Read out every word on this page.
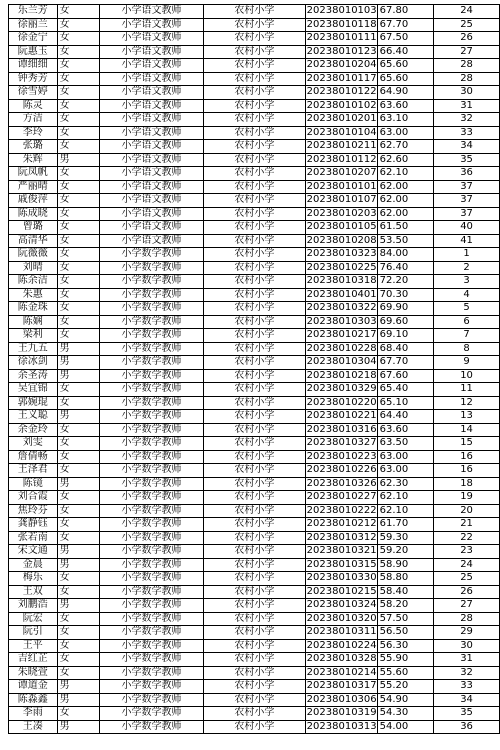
乐兰芳	女	小学语文教师	农村小学	20238010103	67.80	24
徐丽兰	女	小学语文教师	农村小学	20238010118	67.70	25
徐金宁	女	小学语文教师	农村小学	20238010111	67.50	26
阮惠玉	女	小学语文教师	农村小学	20238010123	66.40	27
谭细细	女	小学语文教师	农村小学	20238010204	65.60	28
钟秀芳	女	小学语文教师	农村小学	20238010117	65.60	28
徐雪婷	女	小学语文教师	农村小学	20238010122	64.90	30
陈灵	女	小学语文教师	农村小学	20238010102	63.60	31
方洁	女	小学语文教师	农村小学	20238010201	63.10	32
李玲	女	小学语文教师	农村小学	20238010104	63.00	33
张璐	女	小学语文教师	农村小学	20238010211	62.70	34
朱辉	男	小学语文教师	农村小学	20238010112	62.60	35
阮凤帆	女	小学语文教师	农村小学	20238010207	62.10	36
严丽晴	女	小学语文教师	农村小学	20238010101	62.00	37
戚俊萍	女	小学语文教师	农村小学	20238010107	62.00	37
陈成晓	女	小学语文教师	农村小学	20238010203	62.00	37
曾璐	女	小学语文教师	农村小学	20238010105	61.50	40
高清华	女	小学语文教师	农村小学	20238010208	53.50	41
阮薇薇	女	小学数学教师	农村小学	20238010323	84.00	1
刘晴	女	小学数学教师	农村小学	20238010225	76.40	2
陈余洁	女	小学数学教师	农村小学	20238010318	72.20	3
朱惠	女	小学数学教师	农村小学	20238010401	70.30	4
陈金珠	女	小学数学教师	农村小学	20238010322	69.90	5
陈娴	女	小学数学教师	农村小学	20238010303	69.60	6
梁利	女	小学数学教师	农村小学	20238010217	69.10	7
王九五	男	小学数学教师	农村小学	20238010228	68.40	8
徐冰剑	男	小学数学教师	农村小学	20238010304	67.70	9
余圣涛	男	小学数学教师	农村小学	20238010218	67.60	10
吴宜锦	女	小学数学教师	农村小学	20238010329	65.40	11
郭婉琨	女	小学数学教师	农村小学	20238010220	65.10	12
王义聪	男	小学数学教师	农村小学	20238010221	64.40	13
余金玲	女	小学数学教师	农村小学	20238010316	63.60	14
刘雯	女	小学数学教师	农村小学	20238010327	63.50	15
詹倩畅	女	小学数学教师	农村小学	20238010223	63.00	16
王泽君	女	小学数学教师	农村小学	20238010226	63.00	16
陈镜	男	小学数学教师	农村小学	20238010326	62.30	18
刘合霞	女	小学数学教师	农村小学	20238010227	62.10	19
焦玲芬	女	小学数学教师	农村小学	20238010222	62.10	20
龚静钰	女	小学数学教师	农村小学	20238010212	61.70	21
张若南	女	小学数学教师	农村小学	20238010312	59.30	22
宋文通	男	小学数学教师	农村小学	20238010321	59.20	23
金晨	男	小学数学教师	农村小学	20238010315	58.90	24
梅乐	女	小学数学教师	农村小学	20238010330	58.80	25
王双	女	小学数学教师	农村小学	20238010215	58.40	26
刘鹏浩	男	小学数学教师	农村小学	20238010324	58.20	27
阮宏	女	小学数学教师	农村小学	20238010320	57.50	28
阮引	女	小学数学教师	农村小学	20238010311	56.50	29
王平	女	小学数学教师	农村小学	20238010224	56.30	30
吉红芷	女	小学数学教师	农村小学	20238010328	55.90	31
朱晓萱	女	小学数学教师	农村小学	20238010214	55.60	32
谭道金	男	小学数学教师	农村小学	20238010317	55.20	33
陈淼鑫	男	小学数学教师	农村小学	20238010306	54.90	34
李雨	女	小学数学教师	农村小学	20238010319	54.30	35
王凑	男	小学数学教师	农村小学	20238010313	54.00	36
